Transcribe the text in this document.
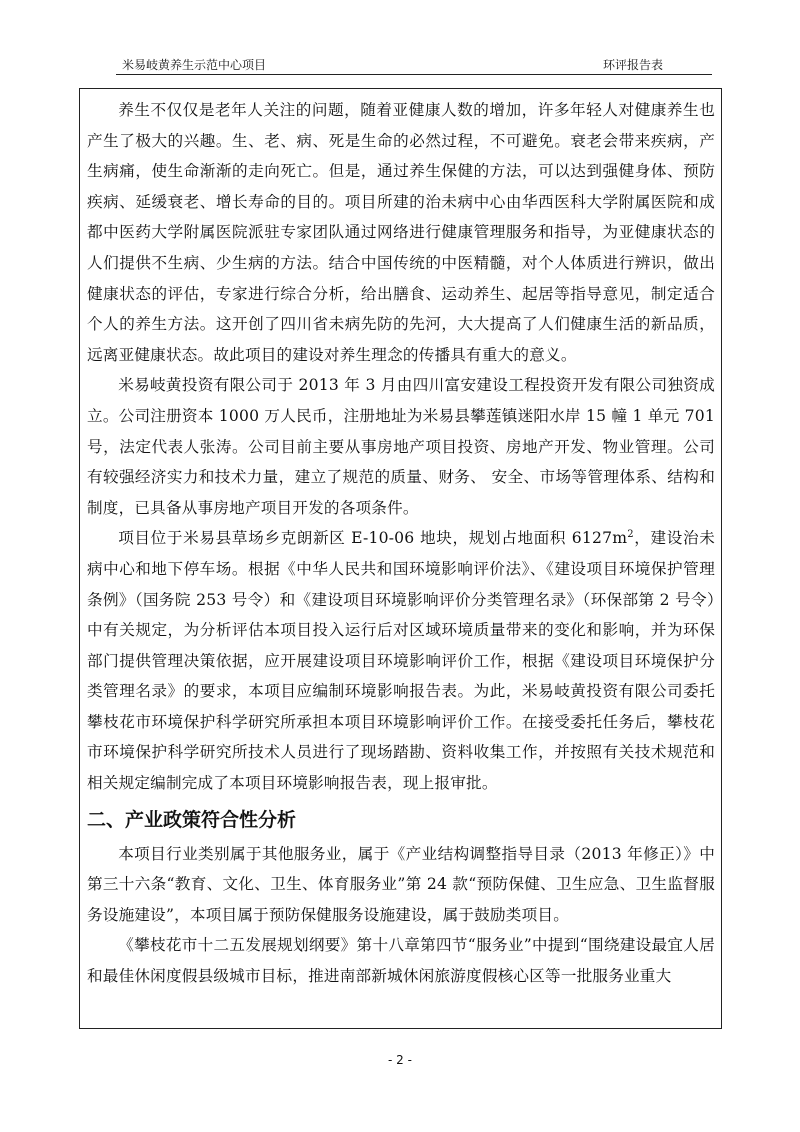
米易岐黄养生示范中心项目	环评报告表

养生不仅仅是老年人关注的问题，随着亚健康人数的增加，许多年轻人对健康养生也产生了极大的兴趣。生、老、病、死是生命的必然过程，不可避免。衰老会带来疾病，产生病痛，使生命渐渐的走向死亡。但是，通过养生保健的方法，可以达到强健身体、预防疾病、延缓衰老、增长寿命的目的。项目所建的治未病中心由华西医科大学附属医院和成都中医药大学附属医院派驻专家团队通过网络进行健康管理服务和指导，为亚健康状态的人们提供不生病、少生病的方法。结合中国传统的中医精髓，对个人体质进行辨识，做出健康状态的评估，专家进行综合分析，给出膳食、运动养生、起居等指导意见，制定适合个人的养生方法。这开创了四川省未病先防的先河，大大提高了人们健康生活的新品质，远离亚健康状态。故此项目的建设对养生理念的传播具有重大的意义。

米易岐黄投资有限公司于 2013 年 3 月由四川富安建设工程投资开发有限公司独资成立。公司注册资本 1000 万人民币，注册地址为米易县攀莲镇迷阳水岸 15 幢 1 单元 701 号，法定代表人张涛。公司目前主要从事房地产项目投资、房地产开发、物业管理。公司有较强经济实力和技术力量，建立了规范的质量、财务、 安全、市场等管理体系、结构和制度，已具备从事房地产项目开发的各项条件。

项目位于米易县草场乡克朗新区 E-10-06 地块，规划占地面积 $6127m^2$，建设治未病中心和地下停车场。根据《中华人民共和国环境影响评价法》、《建设项目环境保护管理条例》（国务院 253 号令）和《建设项目环境影响评价分类管理名录》（环保部第 2 号令）中有关规定，为分析评估本项目投入运行后对区域环境质量带来的变化和影响，并为环保部门提供管理决策依据，应开展建设项目环境影响评价工作，根据《建设项目环境保护分类管理名录》的要求，本项目应编制环境影响报告表。为此，米易岐黄投资有限公司委托攀枝花市环境保护科学研究所承担本项目环境影响评价工作。在接受委托任务后，攀枝花市环境保护科学研究所技术人员进行了现场踏勘、资料收集工作，并按照有关技术规范和相关规定编制完成了本项目环境影响报告表，现上报审批。

二、产业政策符合性分析

本项目行业类别属于其他服务业，属于《产业结构调整指导目录（2013 年修正）》中第三十六条“教育、文化、卫生、体育服务业”第 24 款“预防保健、卫生应急、卫生监督服务设施建设”，本项目属于预防保健服务设施建设，属于鼓励类项目。

《攀枝花市十二五发展规划纲要》第十八章第四节“服务业”中提到“围绕建设最宜人居和最佳休闲度假县级城市目标，推进南部新城休闲旅游度假核心区等一批服务业重大

- 2 -
